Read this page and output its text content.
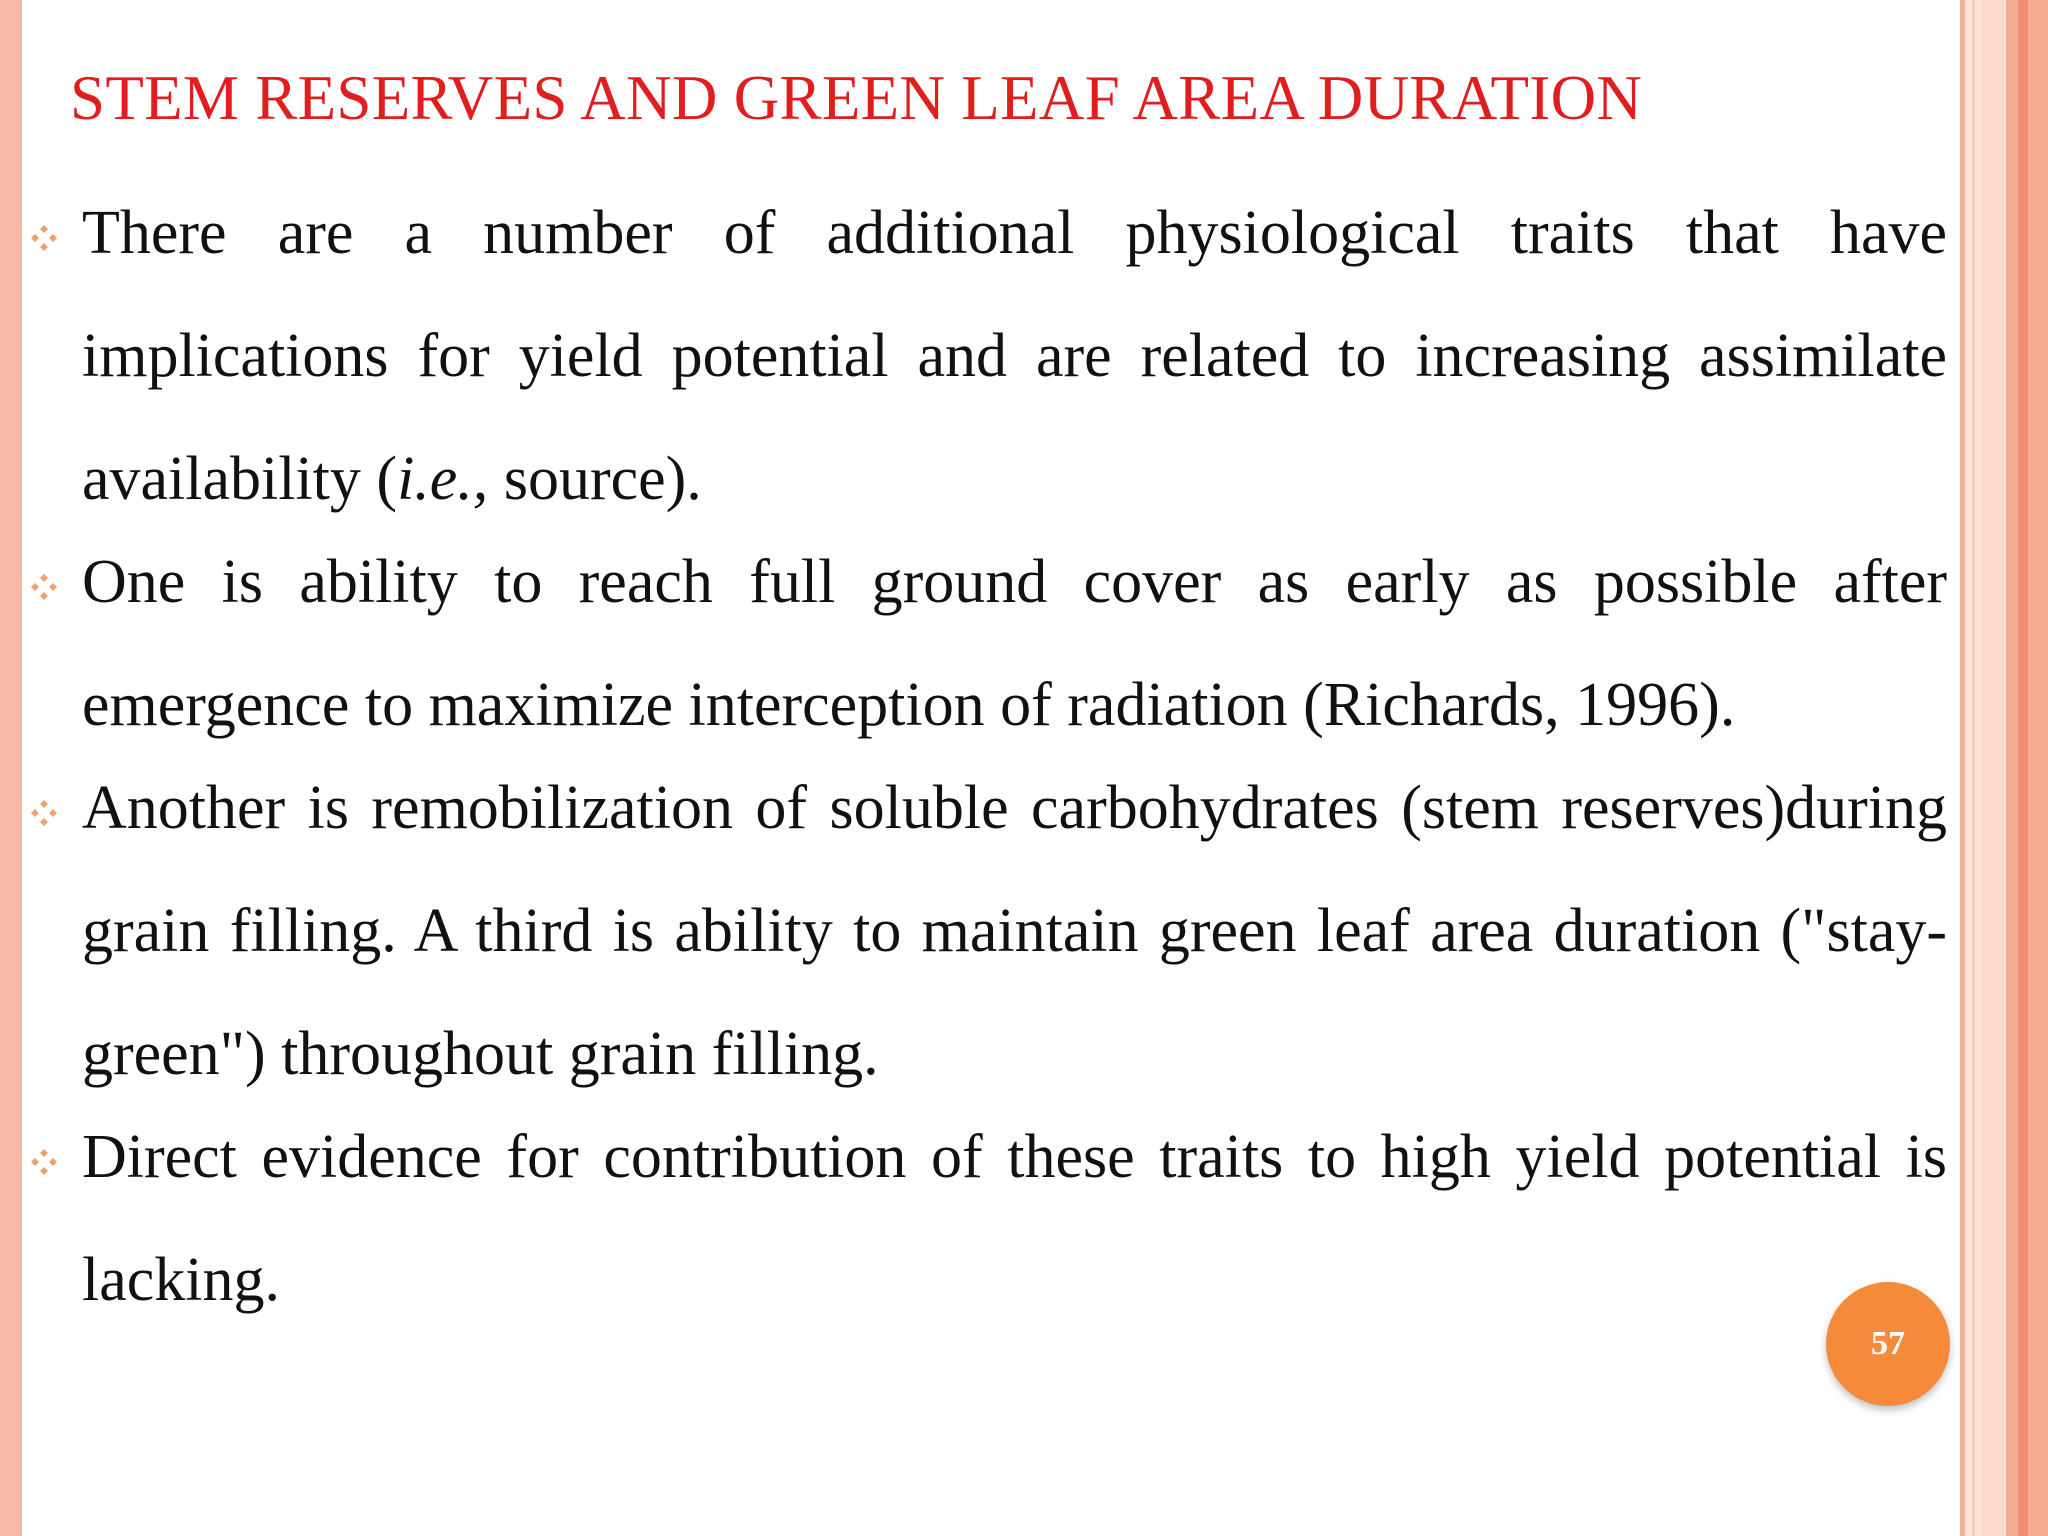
STEM RESERVES AND GREEN LEAF AREA DURATION
There are a number of additional physiological traits that have implications for yield potential and are related to increasing assimilate availability (i.e., source).
One is ability to reach full ground cover as early as possible after emergence to maximize interception of radiation (Richards, 1996).
Another is remobilization of soluble carbohydrates (stem reserves)during grain filling. A third is ability to maintain green leaf area duration ("stay-green") throughout grain filling.
Direct evidence for contribution of these traits to high yield potential is lacking.
57
